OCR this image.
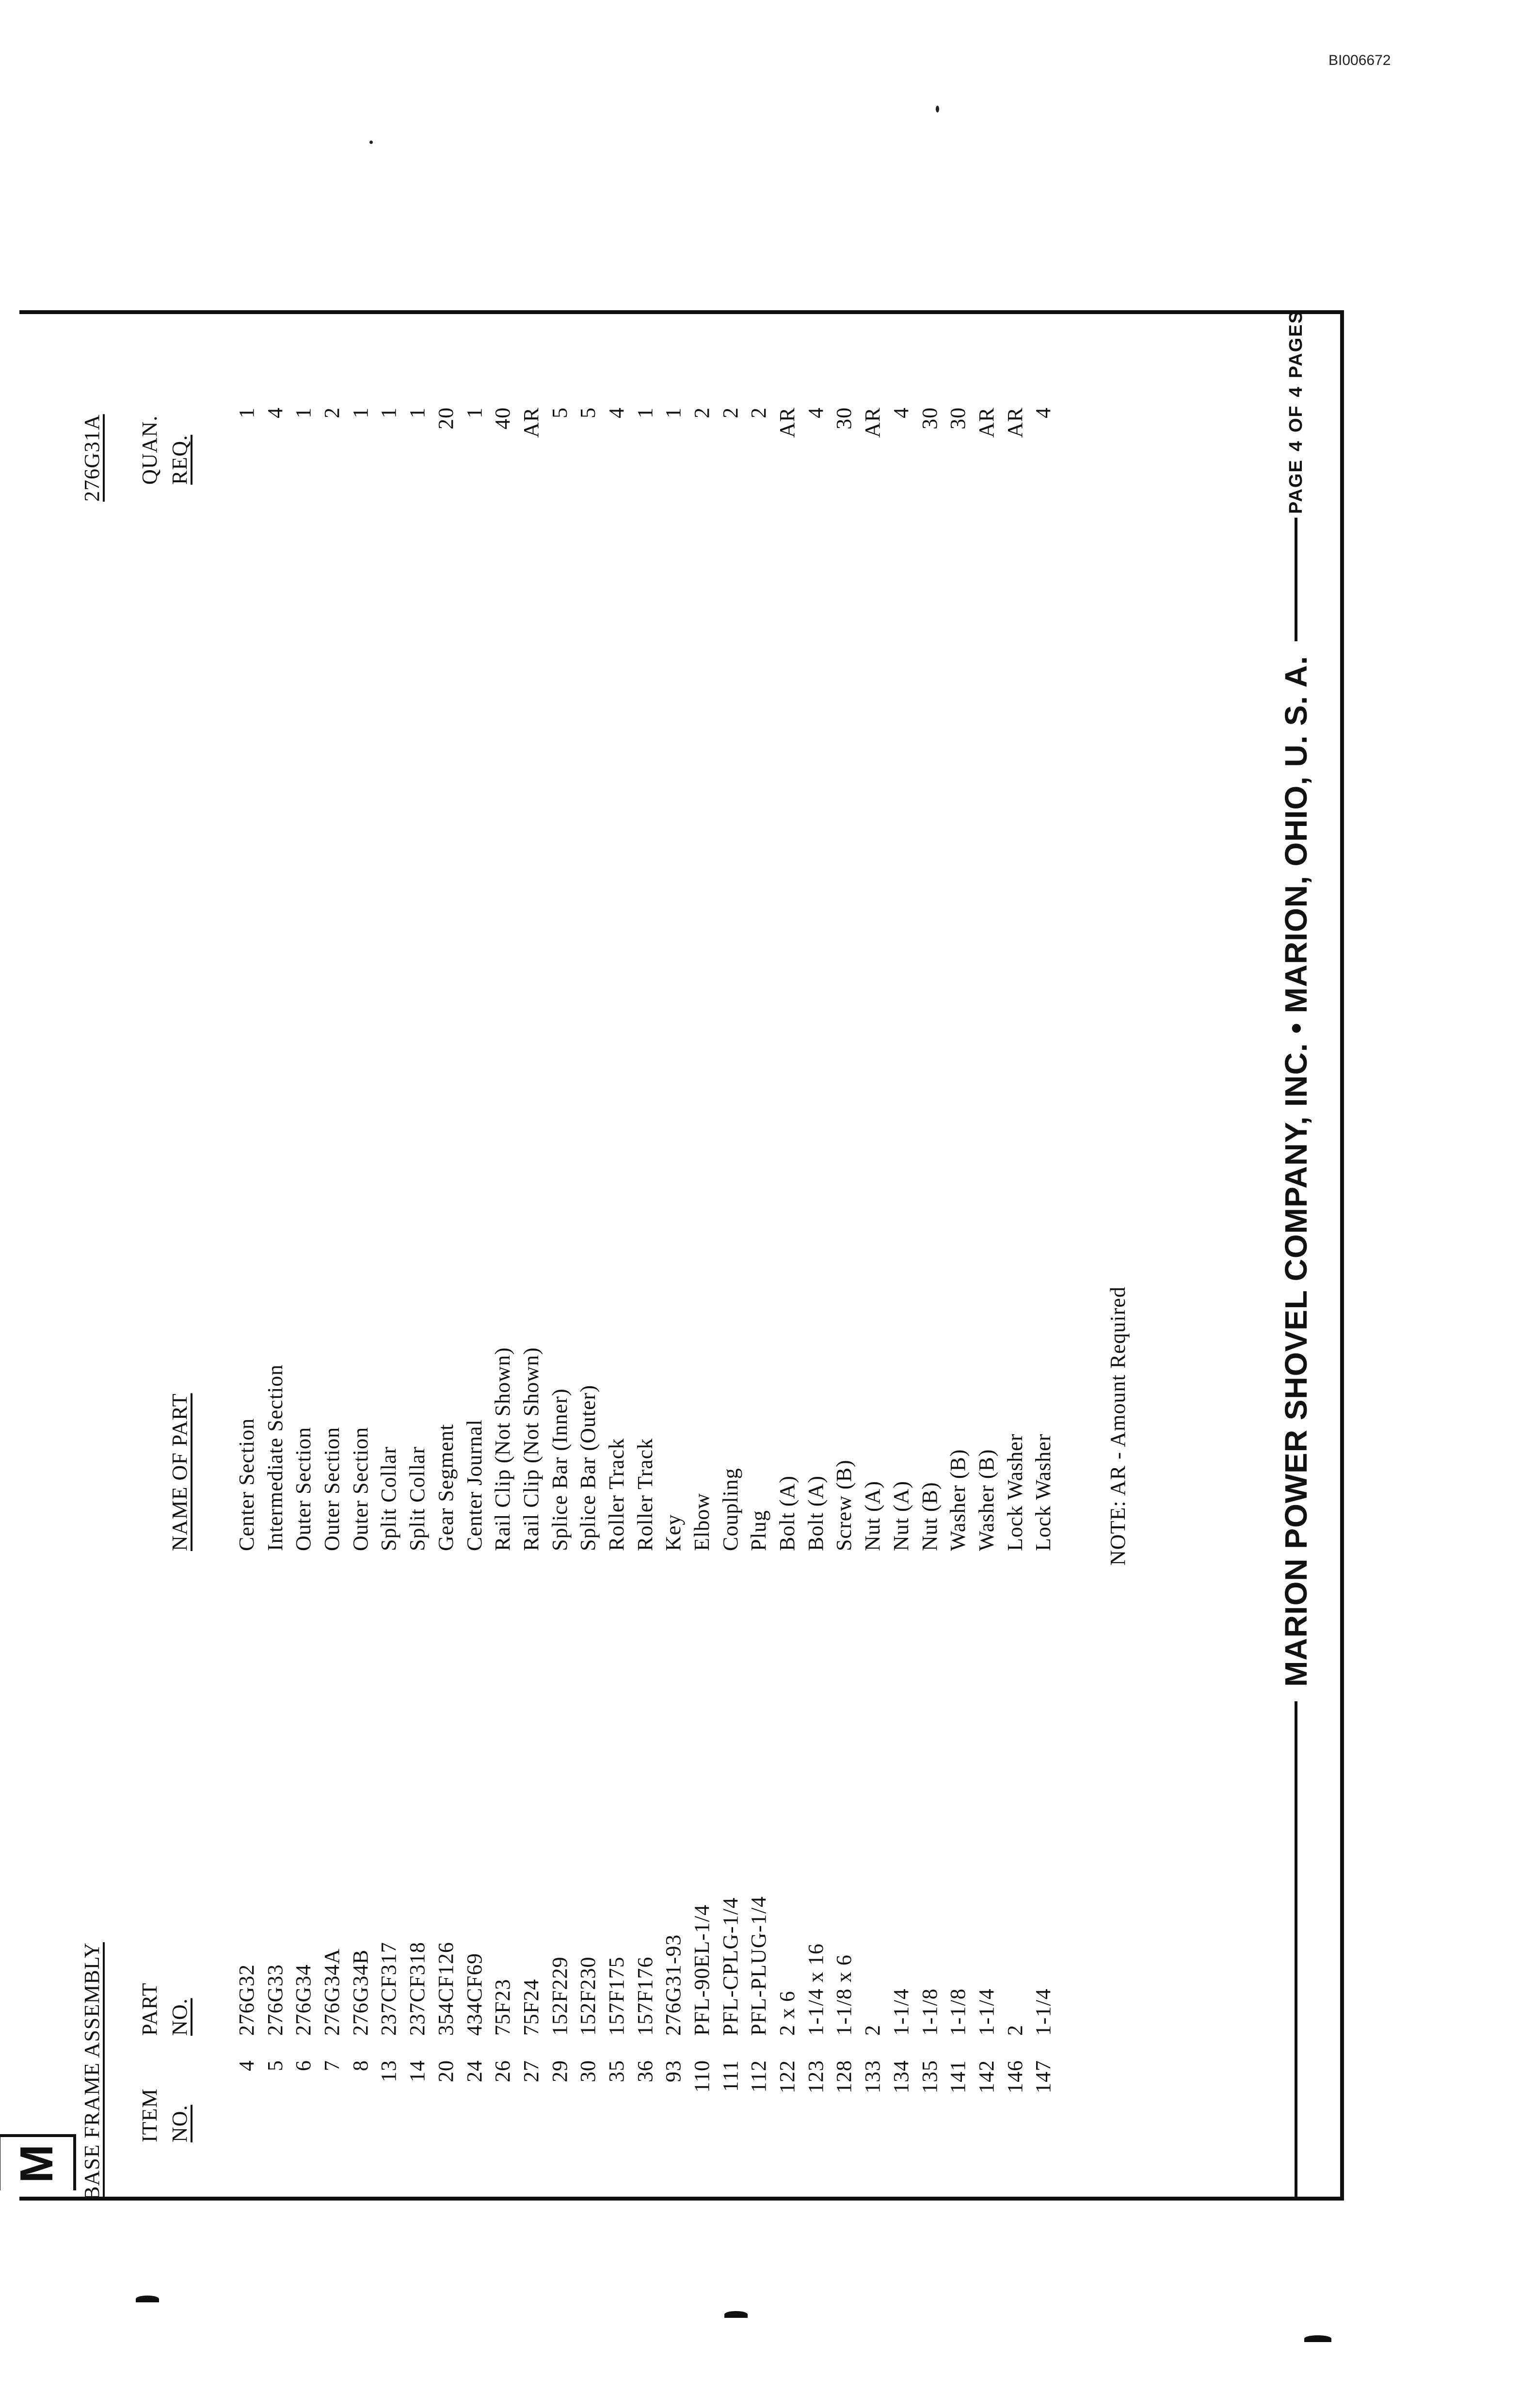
BI006672
M BASE FRAME ASSEMBLY
276G31A
ITEM NO.
PART NO.
NAME OF PART
QUAN. REQ.
4
276G32
Center Section
1
5
276G33
Intermediate Section
4
6
276G34
Outer Section
1
7
276G34A
Outer Section
2
8
276G34B
Outer Section
1
13
237CF317
Split Collar
1
14
237CF318
Split Collar
1
20
354CF126
Gear Segment
20
24
434CF69
Center Journal
1
26
75F23
Rail Clip (Not Shown)
40
27
75F24
Rail Clip (Not Shown)
AR
29
152F229
Splice Bar (Inner)
5
30
152F230
Splice Bar (Outer)
5
35
157F175
Roller Track
4
36
157F176
Roller Track
1
93
276G31-93
Key
1
110
PFL-90EL-1/4
Elbow
2
111
PFL-CPLG-1/4
Coupling
2
112
PFL-PLUG-1/4
Plug
2
122
2 x 6
Bolt (A)
AR
123
1-1/4 x 16
Bolt (A)
4
128
1-1/8 x 6
Screw (B)
30
133
2
Nut (A)
AR
134
1-1/4
Nut (A)
4
135
1-1/8
Nut (B)
30
141
1-1/8
Washer (B)
30
142
1-1/4
Washer (B)
AR
146
2
Lock Washer
AR
147
1-1/4
Lock Washer
4
NOTE: AR - Amount Required	MARION POWER SHOVEL COMPANY, INC. • MARION, OHIO, U. S. A.
PAGE
4
OF
4
PAGES
